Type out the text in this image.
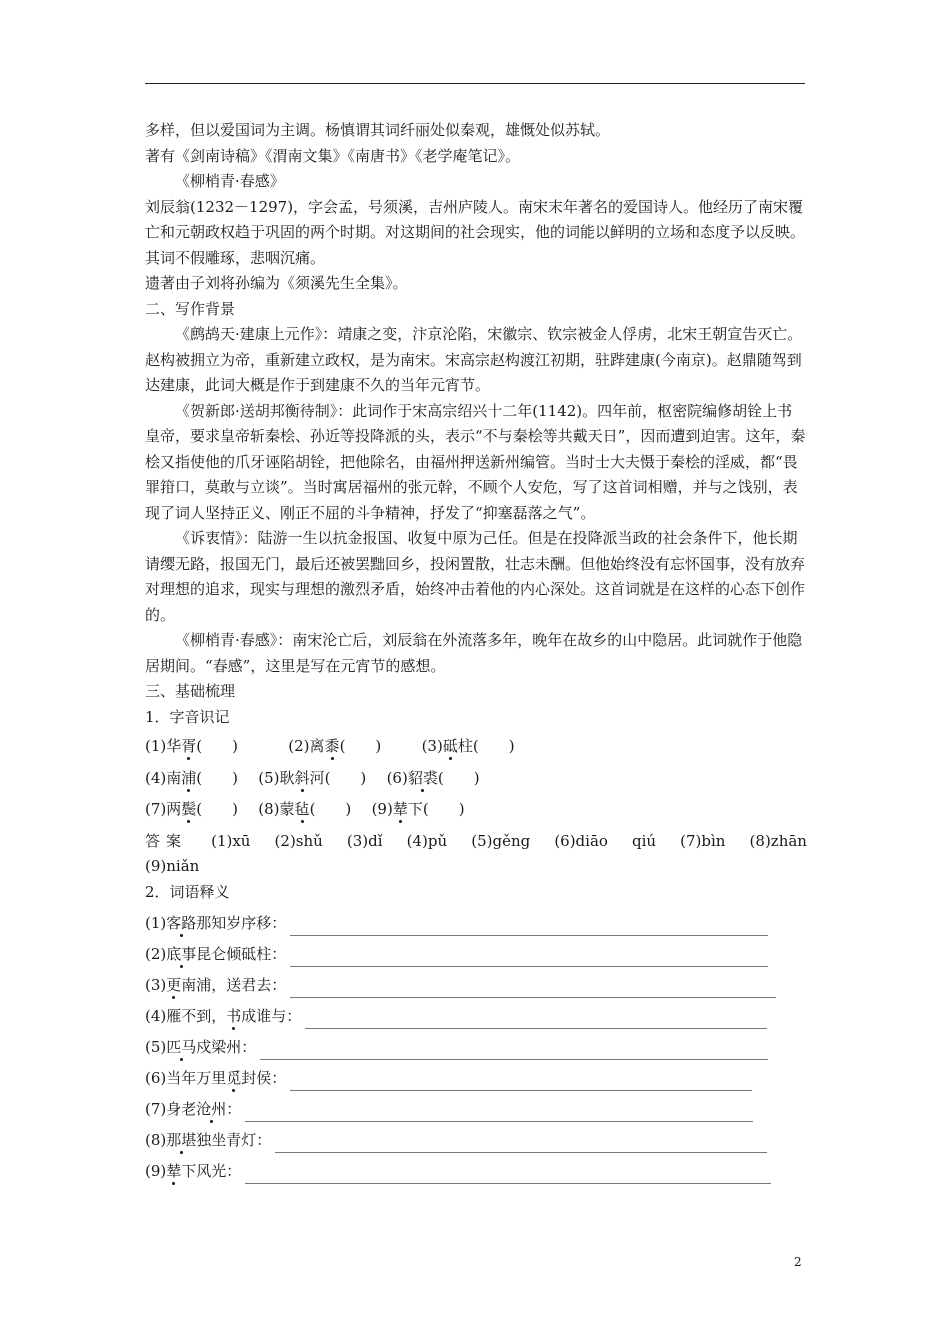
多样，但以爱国词为主调。杨慎谓其词纤丽处似秦观，雄慨处似苏轼。
著有《剑南诗稿》《渭南文集》《南唐书》《老学庵笔记》。
《柳梢青·春感》
刘辰翁(1232－1297)，字会孟，号须溪，吉州庐陵人。南宋末年著名的爱国诗人。他经历了南宋覆亡和元朝政权趋于巩固的两个时期。对这期间的社会现实，他的词能以鲜明的立场和态度予以反映。其词不假雕琢，悲咽沉痛。
遗著由子刘将孙编为《须溪先生全集》。
二、写作背景
《鹧鸪天·建康上元作》：靖康之变，汴京沦陷，宋徽宗、钦宗被金人俘虏，北宋王朝宣告灭亡。赵构被拥立为帝，重新建立政权，是为南宋。宋高宗赵构渡江初期，驻跸建康(今南京)。赵鼎随驾到达建康，此词大概是作于到建康不久的当年元宵节。
《贺新郎·送胡邦衡待制》：此词作于宋高宗绍兴十二年(1142)。四年前，枢密院编修胡铨上书皇帝，要求皇帝斩秦桧、孙近等投降派的头，表示“不与秦桧等共戴天日”，因而遭到迫害。这年，秦桧又指使他的爪牙诬陷胡铨，把他除名，由福州押送新州编管。当时士大夫慑于秦桧的淫威，都“畏罪箝口，莫敢与立谈”。当时寓居福州的张元幹，不顾个人安危，写了这首词相赠，并与之饯别，表现了词人坚持正义、刚正不屈的斗争精神，抒发了“抑塞磊落之气”。
《诉衷情》：陆游一生以抗金报国、收复中原为己任。但是在投降派当政的社会条件下，他长期请缨无路，报国无门，最后还被罢黜回乡，投闲置散，壮志未酬。但他始终没有忘怀国事，没有放弃对理想的追求，现实与理想的激烈矛盾，始终冲击着他的内心深处。这首词就是在这样的心态下创作的。
《柳梢青·春感》：南宋沦亡后，刘辰翁在外流落多年，晚年在故乡的山中隐居。此词就作于他隐居期间。“春感”，这里是写在元宵节的感想。
三、基础梳理
1．字音识记
(1)华胥(　　)	(2)离黍(　　)	(3)砥柱(　　)
(4)南浦(　　) (5)耿斜河(　　) (6)貂裘(　　)
(7)两鬓(　　) (8)蒙毡(　　) (9)辇下(　　)
答案 (1)xū (2)shǔ (3)dǐ (4)pǔ (5)gěng (6)diāo qiú (7)bìn (8)zhān
(9)niǎn
2．词语释义
(1)客路那知岁序移：
(2)底事昆仑倾砥柱：
(3)更南浦，送君去：
(4)雁不到，书成谁与：
(5)匹马戍梁州：
(6)当年万里觅封侯：
(7)身老沧州：
(8)那堪独坐青灯：
(9)辇下风光：
2
